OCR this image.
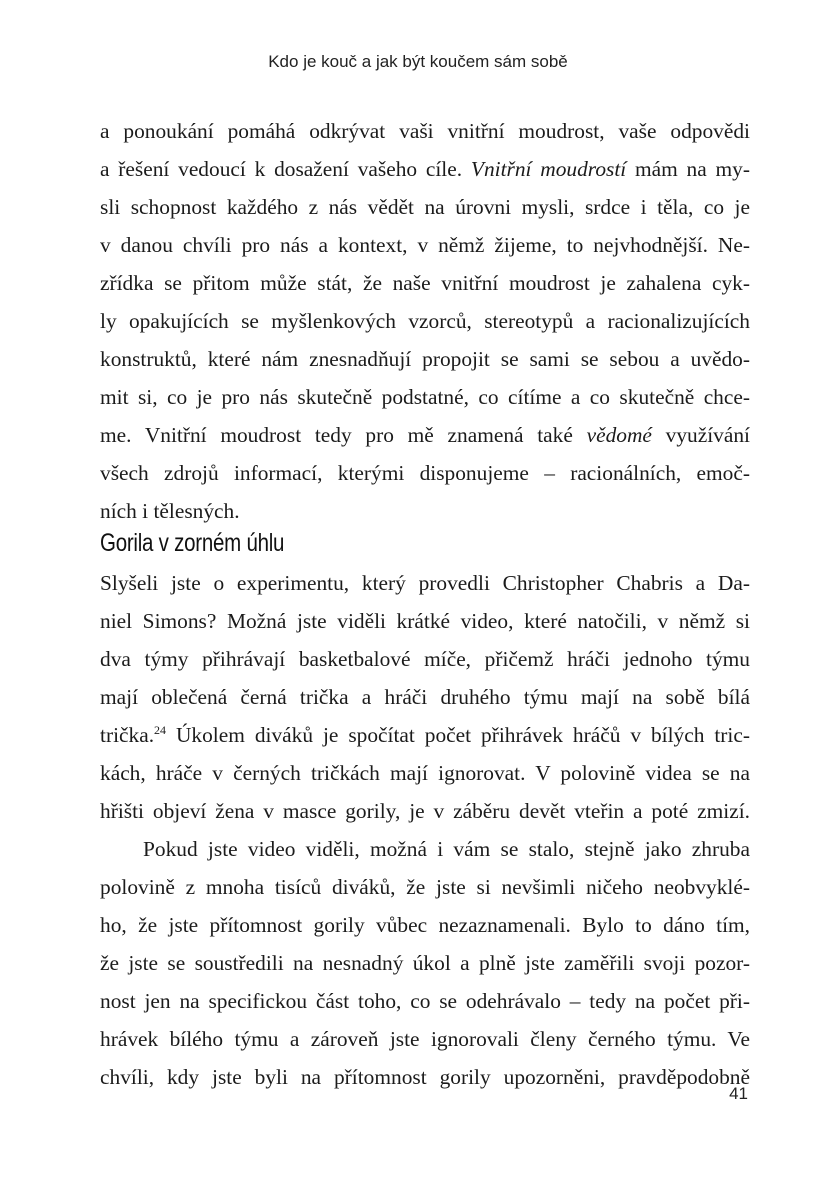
Kdo je kouč a jak být koučem sám sobě
a ponoukání pomáhá odkrývat vaši vnitřní moudrost, vaše odpovědi
a řešení vedoucí k dosažení vašeho cíle. Vnitřní moudrostí mám na my-
sli schopnost každého z nás vědět na úrovni mysli, srdce i těla, co je
v danou chvíli pro nás a kontext, v němž žijeme, to nejvhodnější. Ne-
zřídka se přitom může stát, že naše vnitřní moudrost je zahalena cyk-
ly opakujících se myšlenkových vzorců, stereotypů a racionalizujících
konstruktů, které nám znesnadňují propojit se sami se sebou a uvědo-
mit si, co je pro nás skutečně podstatné, co cítíme a co skutečně chce-
me. Vnitřní moudrost tedy pro mě znamená také vědomé využívání
všech zdrojů informací, kterými disponujeme – racionálních, emoč-
ních i tělesných.
Gorila v zorném úhlu
Slyšeli jste o experimentu, který provedli Christopher Chabris a Da-
niel Simons? Možná jste viděli krátké video, které natočili, v němž si
dva týmy přihrávají basketbalové míče, přičemž hráči jednoho týmu
mají oblečená černá trička a hráči druhého týmu mají na sobě bílá
trička.$^{24}$ Úkolem diváků je spočítat počet přihrávek hráčů v bílých tric-
kách, hráče v černých tričkách mají ignorovat. V polovině videa se na
hřišti objeví žena v masce gorily, je v záběru devět vteřin a poté zmizí.
Pokud jste video viděli, možná i vám se stalo, stejně jako zhruba
polovině z mnoha tisíců diváků, že jste si nevšimli ničeho neobvyklé-
ho, že jste přítomnost gorily vůbec nezaznamenali. Bylo to dáno tím,
že jste se soustředili na nesnadný úkol a plně jste zaměřili svoji pozor-
nost jen na specifickou část toho, co se odehrávalo – tedy na počet při-
hrávek bílého týmu a zároveň jste ignorovali členy černého týmu. Ve
chvíli, kdy jste byli na přítomnost gorily upozorněni, pravděpodobně
41
